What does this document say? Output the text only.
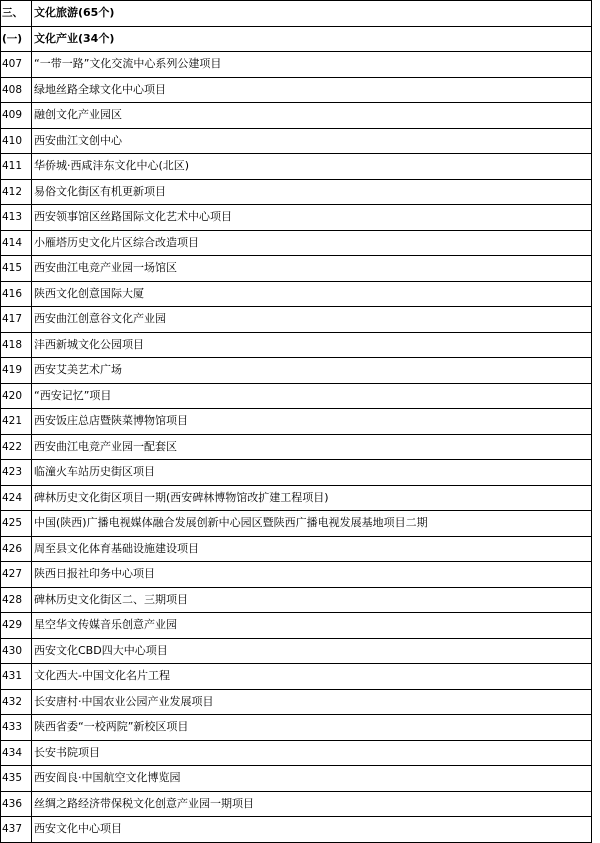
三、	文化旅游(65个)
(一)	文化产业(34个)
407	“一带一路”文化交流中心系列公建项目
408	绿地丝路全球文化中心项目
409	融创文化产业园区
410	西安曲江文创中心
411	华侨城·西咸沣东文化中心(北区)
412	易俗文化街区有机更新项目
413	西安领事馆区丝路国际文化艺术中心项目
414	小雁塔历史文化片区综合改造项目
415	西安曲江电竞产业园一场馆区
416	陕西文化创意国际大厦
417	西安曲江创意谷文化产业园
418	沣西新城文化公园项目
419	西安艾美艺术广场
420	“西安记忆”项目
421	西安饭庄总店暨陕菜博物馆项目
422	西安曲江电竞产业园一配套区
423	临潼火车站历史街区项目
424	碑林历史文化街区项目一期(西安碑林博物馆改扩建工程项目)
425	中国(陕西)广播电视媒体融合发展创新中心园区暨陕西广播电视发展基地项目二期
426	周至县文化体育基础设施建设项目
427	陕西日报社印务中心项目
428	碑林历史文化街区二、三期项目
429	星空华文传媒音乐创意产业园
430	西安文化CBD四大中心项目
431	文化西大-中国文化名片工程
432	长安唐村·中国农业公园产业发展项目
433	陕西省委“一校两院”新校区项目
434	长安书院项目
435	西安阎良·中国航空文化博览园
436	丝绸之路经济带保税文化创意产业园一期项目
437	西安文化中心项目
